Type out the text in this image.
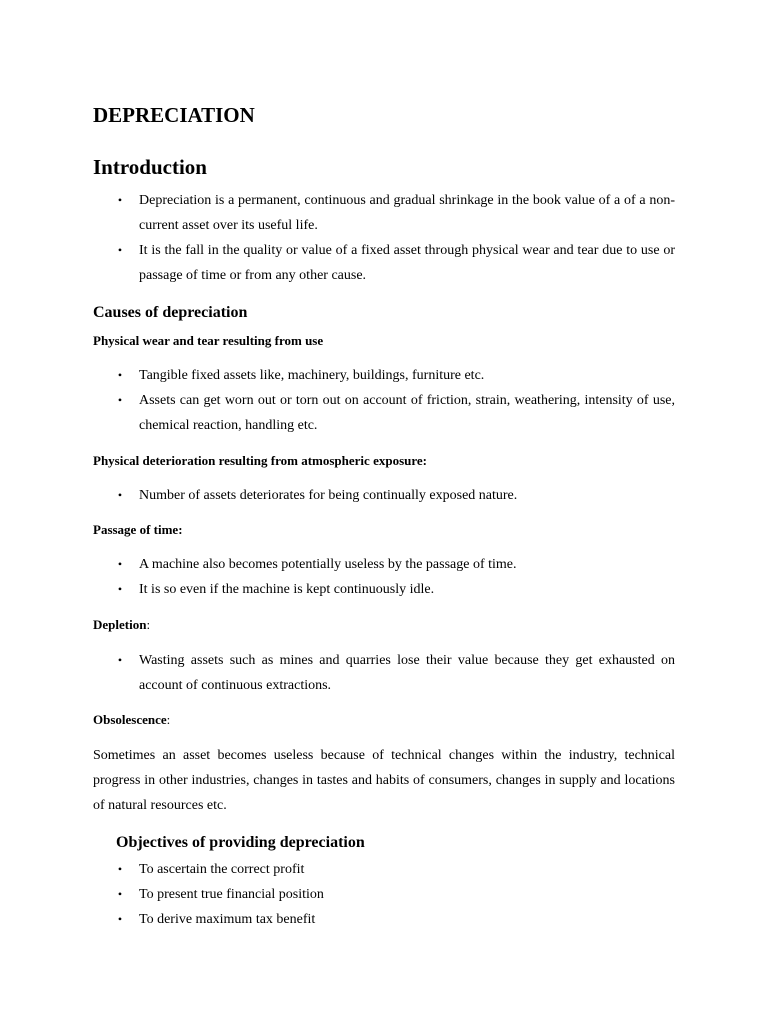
DEPRECIATION
Introduction
• Depreciation is a permanent, continuous and gradual shrinkage in the book value of a of a non-current asset over its useful life.
• It is the fall in the quality or value of a fixed asset through physical wear and tear due to use or passage of time or from any other cause.
Causes of depreciation
Physical wear and tear resulting from use
• Tangible fixed assets like, machinery, buildings, furniture etc.
• Assets can get worn out or torn out on account of friction, strain, weathering, intensity of use, chemical reaction, handling etc.
Physical deterioration resulting from atmospheric exposure:
• Number of assets deteriorates for being continually exposed nature.
Passage of time:
• A machine also becomes potentially useless by the passage of time.
• It is so even if the machine is kept continuously idle.
Depletion:
• Wasting assets such as mines and quarries lose their value because they get exhausted on account of continuous extractions.
Obsolescence:

Sometimes an asset becomes useless because of technical changes within the industry, technical progress in other industries, changes in tastes and habits of consumers, changes in supply and locations of natural resources etc.

Objectives of providing depreciation
• To ascertain the correct profit
• To present true financial position
• To derive maximum tax benefit
